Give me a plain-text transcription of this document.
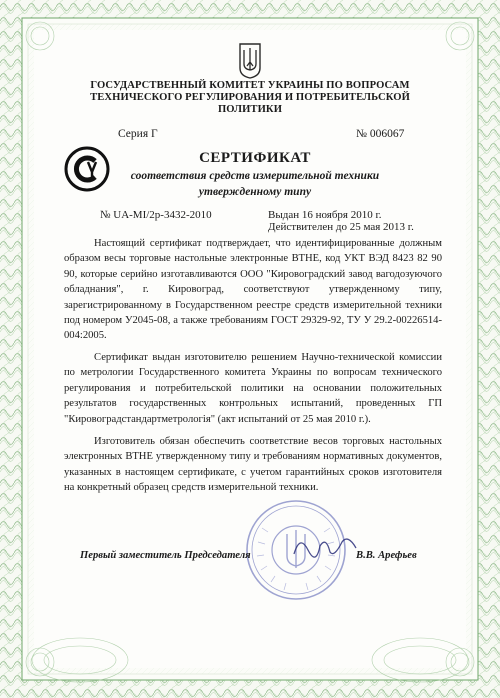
ГОСУДАРСТВЕННЫЙ КОМИТЕТ УКРАИНЫ ПО ВОПРОСАМ
ТЕХНИЧЕСКОГО РЕГУЛИРОВАНИЯ И ПОТРЕБИТЕЛЬСКОЙ ПОЛИТИКИ
Серия Г	№ 006067
СЕРТИФИКАТ
соответствия средств измерительной техники
утвержденному типу
№ UA-MI/2p-3432-2010	Выдан 16 ноября 2010 г.
Действителен до 25 мая 2013 г.
Настоящий сертификат подтверждает, что идентифицированные должным образом весы торговые настольные электронные ВТНЕ, код УКТ ВЭД 8423 82 90 90, которые серийно изготавливаются ООО "Кировоградский завод вагодозуючого обладнания", г. Кировоград, соответствуют утвержденному типу, зарегистрированному в Государственном реестре средств измерительной техники под номером У2045-08, а также требованиям ГОСТ 29329-92, ТУ У 29.2-00226514-004:2005.
Сертификат выдан изготовителю решением Научно-технической комиссии по метрологии Государственного комитета Украины по вопросам технического регулирования и потребительской политики на основании положительных результатов государственных контрольных испытаний, проведенных ГП "Кировоградстандартметрологія" (акт испытаний от 25 мая 2010 г.).
Изготовитель обязан обеспечить соответствие весов торговых настольных электронных ВТНЕ утвержденному типу и требованиям нормативных документов, указанных в настоящем сертификате, с учетом гарантийных сроков изготовителя на конкретный образец средств измерительной техники.
Первый заместитель Председателя	В.В. Арефьев
